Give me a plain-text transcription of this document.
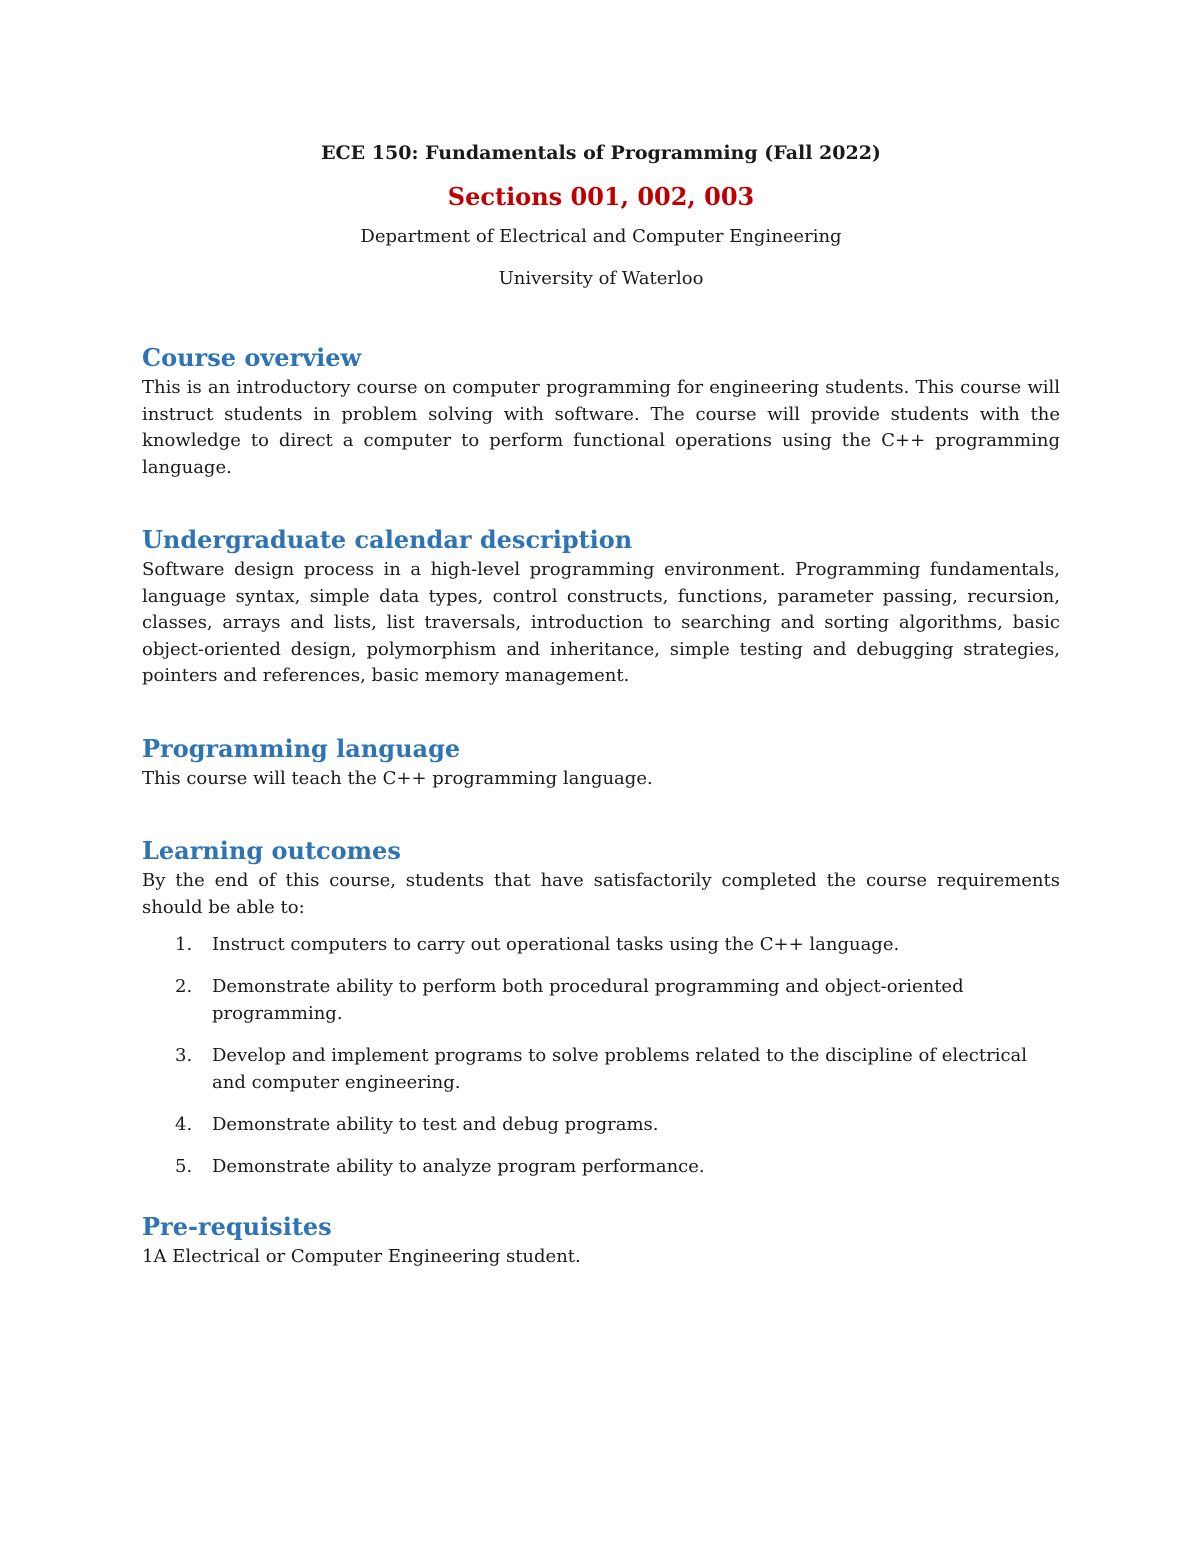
ECE 150: Fundamentals of Programming (Fall 2022)

Sections 001, 002, 003

Department of Electrical and Computer Engineering

University of Waterloo

Course overview

This is an introductory course on computer programming for engineering students. This course will instruct students in problem solving with software. The course will provide students with the knowledge to direct a computer to perform functional operations using the C++ programming language.

Undergraduate calendar description

Software design process in a high-level programming environment. Programming fundamentals, language syntax, simple data types, control constructs, functions, parameter passing, recursion, classes, arrays and lists, list traversals, introduction to searching and sorting algorithms, basic object-oriented design, polymorphism and inheritance, simple testing and debugging strategies, pointers and references, basic memory management.

Programming language

This course will teach the C++ programming language.

Learning outcomes

By the end of this course, students that have satisfactorily completed the course requirements should be able to:

1. Instruct computers to carry out operational tasks using the C++ language.
2. Demonstrate ability to perform both procedural programming and object-oriented programming.
3. Develop and implement programs to solve problems related to the discipline of electrical and computer engineering.
4. Demonstrate ability to test and debug programs.
5. Demonstrate ability to analyze program performance.
Pre-requisites

1A Electrical or Computer Engineering student.
